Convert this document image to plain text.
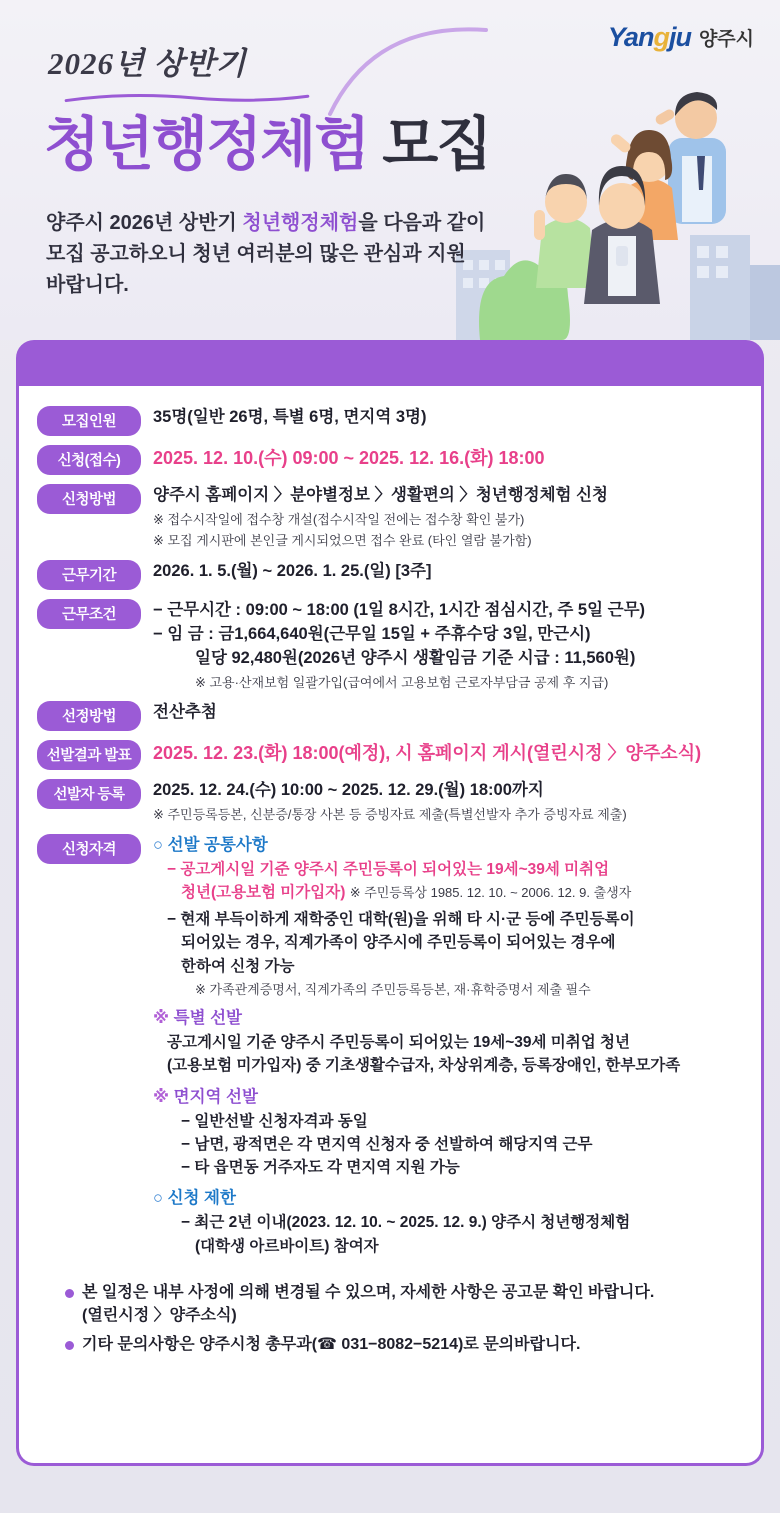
Yangju 양주시
2026년 상반기
청년행정체험 모집
양주시 2026년 상반기 청년행정체험을 다음과 같이
모집 공고하오니 청년 여러분의 많은 관심과 지원
바랍니다.
모집인원	35명(일반 26명, 특별 6명, 면지역 3명)
신청(접수)	2025. 12. 10.(수) 09:00 ~ 2025. 12. 16.(화) 18:00
신청방법	양주시 홈페이지 〉분야별정보 〉생활편의 〉청년행정체험 신청
※ 접수시작일에 접수창 개설(접수시작일 전에는 접수창 확인 불가)
※ 모집 게시판에 본인글 게시되었으면 접수 완료 (타인 열람 불가함)
근무기간	2026. 1. 5.(월) ~ 2026. 1. 25.(일) [3주]
근무조건	− 근무시간 : 09:00 ~ 18:00 (1일 8시간, 1시간 점심시간, 주 5일 근무)
− 임 금 : 금1,664,640원(근무일 15일 + 주휴수당 3일, 만근시)
일당 92,480원(2026년 양주시 생활임금 기준 시급 : 11,560원)
※ 고용·산재보험 일괄가입(급여에서 고용보험 근로자부담금 공제 후 지급)
선정방법	전산추첨
선발결과 발표	2025. 12. 23.(화) 18:00(예정), 시 홈페이지 게시(열린시정 〉양주소식)
선발자 등록	2025. 12. 24.(수) 10:00 ~ 2025. 12. 29.(월) 18:00까지
※ 주민등록등본, 신분증/통장 사본 등 증빙자료 제출(특별선발자 추가 증빙자료 제출)
신청자격	○ 선발 공통사항
− 공고게시일 기준 양주시 주민등록이 되어있는 19세~39세 미취업
청년(고용보험 미가입자) ※ 주민등록상 1985. 12. 10. ~ 2006. 12. 9. 출생자
− 현재 부득이하게 재학중인 대학(원)을 위해 타 시·군 등에 주민등록이
되어있는 경우, 직계가족이 양주시에 주민등록이 되어있는 경우에
한하여 신청 가능
※ 가족관계증명서, 직계가족의 주민등록등본, 재·휴학증명서 제출 필수
※ 특별 선발
공고게시일 기준 양주시 주민등록이 되어있는 19세~39세 미취업 청년
(고용보험 미가입자) 중 기초생활수급자, 차상위계층, 등록장애인, 한부모가족
※ 면지역 선발
− 일반선발 신청자격과 동일
− 남면, 광적면은 각 면지역 신청자 중 선발하여 해당지역 근무
− 타 읍면동 거주자도 각 면지역 지원 가능
○ 신청 제한
− 최근 2년 이내(2023. 12. 10. ~ 2025. 12. 9.) 양주시 청년행정체험
(대학생 아르바이트) 참여자
본 일정은 내부 사정에 의해 변경될 수 있으며, 자세한 사항은 공고문 확인 바랍니다.
(열린시정 〉양주소식)
기타 문의사항은 양주시청 총무과(☎ 031−8082−5214)로 문의바랍니다.
